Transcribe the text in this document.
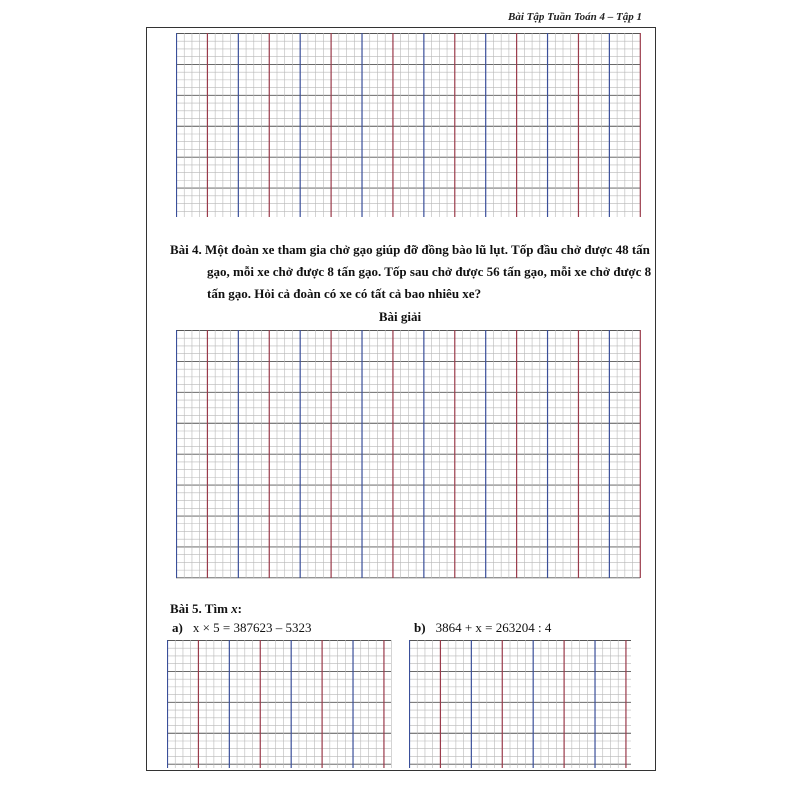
Bài Tập Tuần Toán 4 – Tập 1
Bài 4. Một đoàn xe tham gia chở gạo giúp đỡ đồng bào lũ lụt. Tốp đầu chở được 48 tấn
gạo, mỗi xe chở được 8 tấn gạo. Tốp sau chở được 56 tấn gạo, mỗi xe chở được 8
tấn gạo. Hỏi cả đoàn có xe có tất cả bao nhiêu xe?
Bài giải
Bài 5. Tìm x:
a) x × 5 = 387623 – 5323	b) 3864 + x = 263204 : 4
